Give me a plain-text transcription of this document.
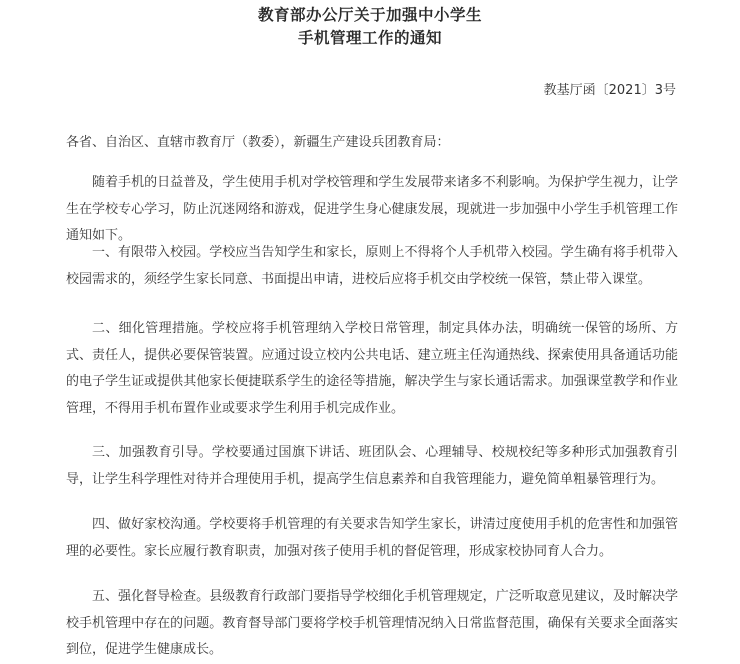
教育部办公厅关于加强中小学生
手机管理工作的通知
教基厅函〔2021〕3号
各省、自治区、直辖市教育厅（教委），新疆生产建设兵团教育局：
随着手机的日益普及，学生使用手机对学校管理和学生发展带来诸多不利影响。为保护学生视力，让学生在学校专心学习，防止沉迷网络和游戏，促进学生身心健康发展，现就进一步加强中小学生手机管理工作通知如下。
一、有限带入校园。学校应当告知学生和家长，原则上不得将个人手机带入校园。学生确有将手机带入校园需求的，须经学生家长同意、书面提出申请，进校后应将手机交由学校统一保管，禁止带入课堂。
二、细化管理措施。学校应将手机管理纳入学校日常管理，制定具体办法，明确统一保管的场所、方式、责任人，提供必要保管装置。应通过设立校内公共电话、建立班主任沟通热线、探索使用具备通话功能的电子学生证或提供其他家长便捷联系学生的途径等措施，解决学生与家长通话需求。加强课堂教学和作业管理，不得用手机布置作业或要求学生利用手机完成作业。
三、加强教育引导。学校要通过国旗下讲话、班团队会、心理辅导、校规校纪等多种形式加强教育引导，让学生科学理性对待并合理使用手机，提高学生信息素养和自我管理能力，避免简单粗暴管理行为。
四、做好家校沟通。学校要将手机管理的有关要求告知学生家长，讲清过度使用手机的危害性和加强管理的必要性。家长应履行教育职责，加强对孩子使用手机的督促管理，形成家校协同育人合力。
五、强化督导检查。县级教育行政部门要指导学校细化手机管理规定，广泛听取意见建议，及时解决学校手机管理中存在的问题。教育督导部门要将学校手机管理情况纳入日常监督范围，确保有关要求全面落实到位，促进学生健康成长。
